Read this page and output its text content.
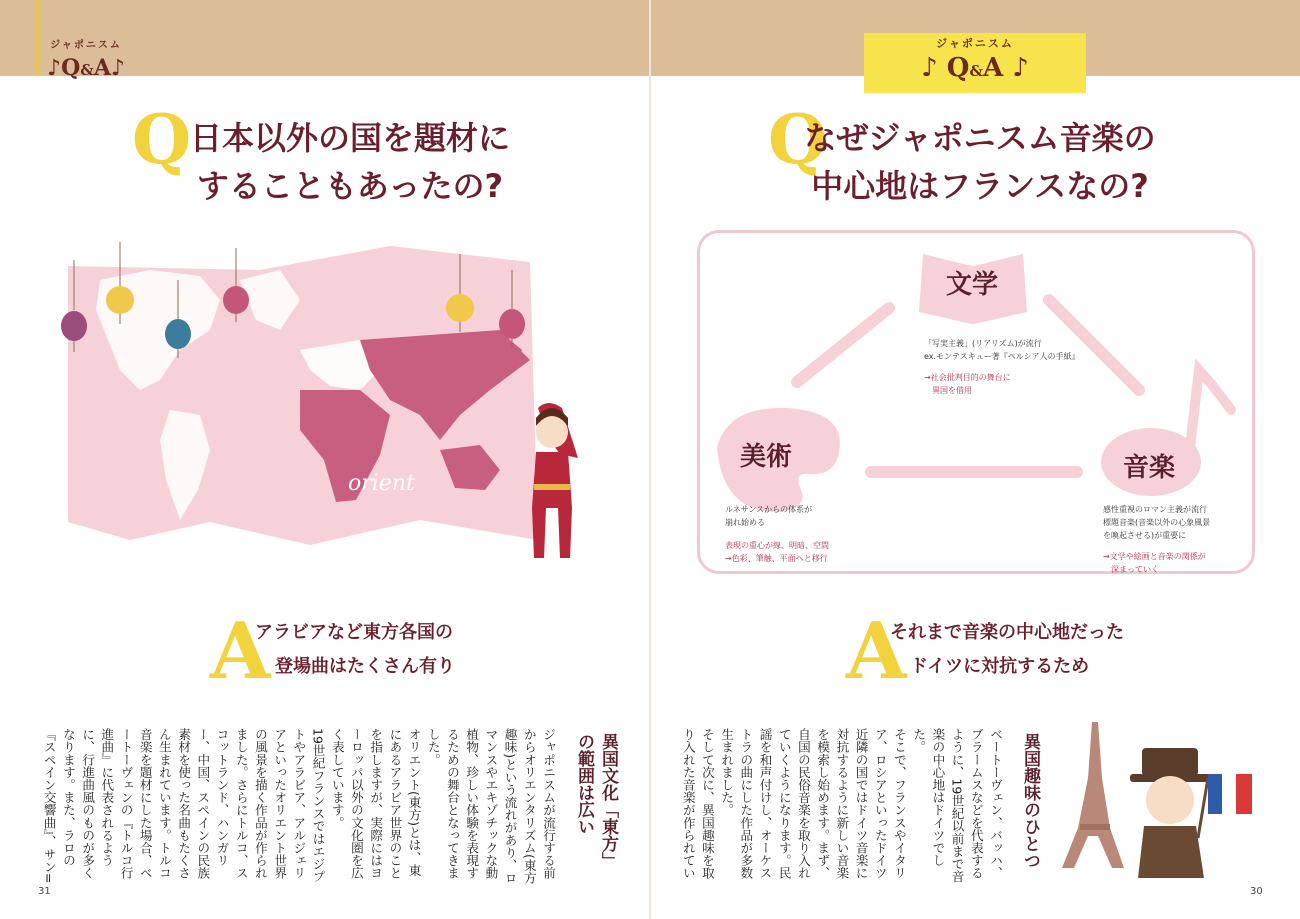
ジャポニスム
♪Q&A♪
ジャポニスム
♪ Q&A ♪
Q
日本以外の国を題材に
することもあったの?
orient
A
アラビアなど東方各国の
登場曲はたくさん有り
異国文化「東方」の範囲は広い
ジャポニスムが流行する前からオリエンタリズム(東方趣味)という流れがあり、ロマンスやエキゾチックな動植物、珍しい体験を表現するための舞台となってきました。
オリエント(東方)とは、東にあるアラビア世界のことを指しますが、実際にはヨーロッパ以外の文化圏を広く表しています。
19世紀フランスではエジプトやアラビア、アルジェリアといったオリエント世界の風景を描く作品が作られました。さらにトルコ、スコットランド、ハンガリー、中国、スペインの民族素材を使った名曲もたくさん生まれています。トルコ音楽を題材にした場合、ベートーヴェンの『トルコ行進曲』に代表されるように、行進曲風のものが多くなります。また、ラロの『スペイン交響曲』、サン=

31
Q
なぜジャポニスム音楽の
中心地はフランスなの?
文学
美術	音楽
「写実主義」(リアリズム)が流行
ex.モンテスキュー著『ペルシア人の手紙』
→社会批判目的の舞台に
異国を借用
ルネサンスからの体系が
崩れ始める
表現の重心が線、明暗、空間
→色彩、筆触、平面へと移行
感性重視のロマン主義が流行
標題音楽(音楽以外の心象風景
を喚起させる)が重要に
→文学や絵画と音楽の関係が
深まっていく
A
それまで音楽の中心地だった
ドイツに対抗するため
異国趣味のひとつ
ベートーヴェン、バッハ、ブラームスなどを代表するように、19世紀以前まで音楽の中心地はドイツでした。
そこで、フランスやイタリア、ロシアといったドイツ近隣の国ではドイツ音楽に対抗するように新しい音楽を模索し始めます。まず、自国の民俗音楽を取り入れていくようになります。民謡を和声付けし、オーケストラの曲にした作品が多数生まれました。
そして次に、異国趣味を取り入れた音楽が作られてい
30
